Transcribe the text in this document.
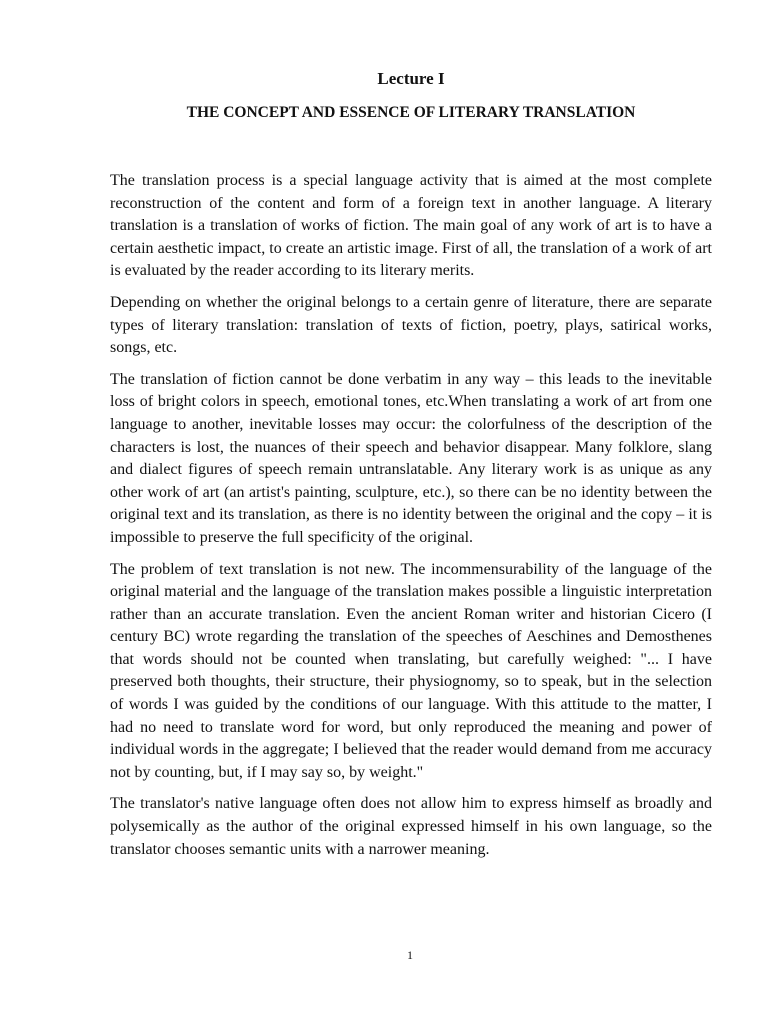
Lecture I
THE CONCEPT AND ESSENCE OF LITERARY TRANSLATION

The translation process is a special language activity that is aimed at the most complete reconstruction of the content and form of a foreign text in another language. A literary translation is a translation of works of fiction. The main goal of any work of art is to have a certain aesthetic impact, to create an artistic image. First of all, the translation of a work of art is evaluated by the reader according to its literary merits.

Depending on whether the original belongs to a certain genre of literature, there are separate types of literary translation: translation of texts of fiction, poetry, plays, satirical works, songs, etc.

The translation of fiction cannot be done verbatim in any way – this leads to the inevitable loss of bright colors in speech, emotional tones, etc.When translating a work of art from one language to another, inevitable losses may occur: the colorfulness of the description of the characters is lost, the nuances of their speech and behavior disappear. Many folklore, slang and dialect figures of speech remain untranslatable. Any literary work is as unique as any other work of art (an artist's painting, sculpture, etc.), so there can be no identity between the original text and its translation, as there is no identity between the original and the copy – it is impossible to preserve the full specificity of the original.

The problem of text translation is not new. The incommensurability of the language of the original material and the language of the translation makes possible a linguistic interpretation rather than an accurate translation. Even the ancient Roman writer and historian Cicero (I century BC) wrote regarding the translation of the speeches of Aeschines and Demosthenes that words should not be counted when translating, but carefully weighed: "... I have preserved both thoughts, their structure, their physiognomy, so to speak, but in the selection of words I was guided by the conditions of our language. With this attitude to the matter, I had no need to translate word for word, but only reproduced the meaning and power of individual words in the aggregate; I believed that the reader would demand from me accuracy not by counting, but, if I may say so, by weight."

The translator's native language often does not allow him to express himself as broadly and polysemically as the author of the original expressed himself in his own language, so the translator chooses semantic units with a narrower meaning.

1
